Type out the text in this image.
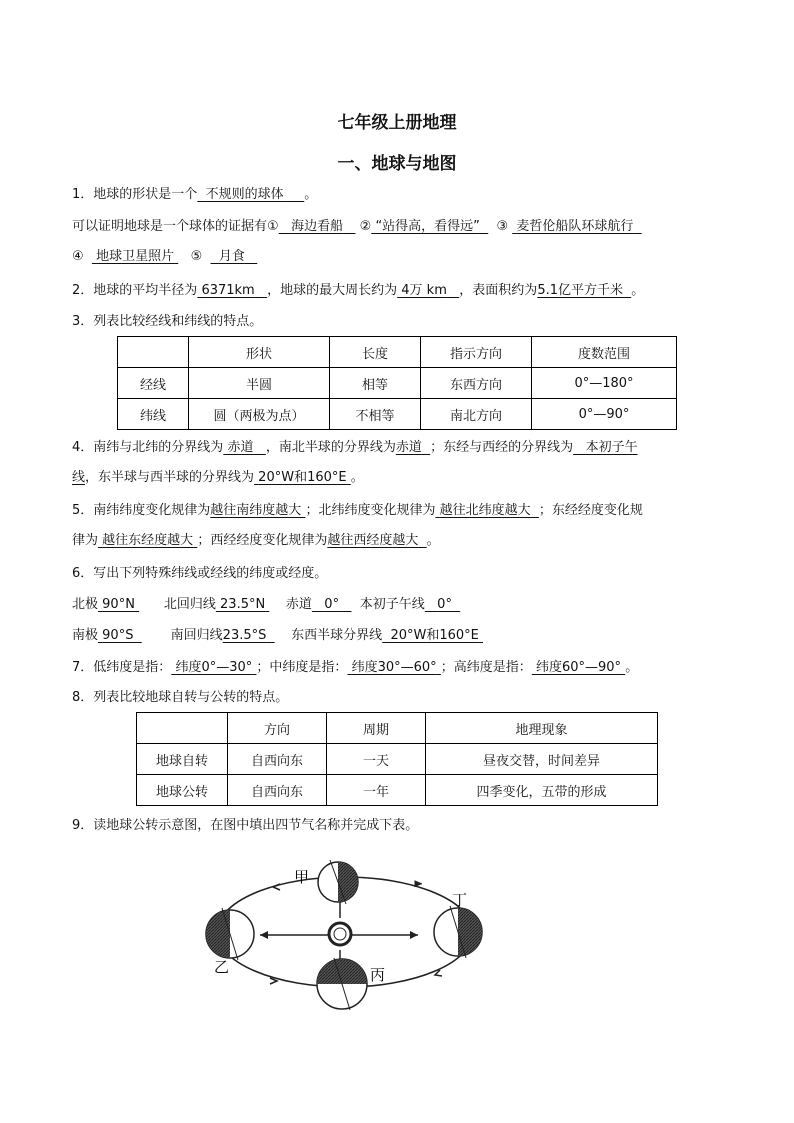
七年级上册地理
一、地球与地图
1．地球的形状是一个 不规则的球体 。
可以证明地球是一个球体的证据有① 海边看船 ② “站得高，看得远” ③ 麦哲伦船队环球航行
④ 地球卫星照片 ⑤ 月食
2．地球的平均半径为 6371km ，地球的最大周长约为 4万 km ，表面积约为5.1亿平方千米 。
3．列表比较经线和纬线的特点。
	形状	长度	指示方向	度数范围
经线	半圆	相等	东西方向	0°—180°
纬线	圆（两极为点）	不相等	南北方向	0°—90°
4．南纬与北纬的分界线为 赤道 ，南北半球的分界线为赤道 ；东经与西经的分界线为 本初子午
线，东半球与西半球的分界线为 20°W和160°E 。
5．南纬纬度变化规律为越往南纬度越大 ；北纬纬度变化规律为 越往北纬度越大 ；东经经度变化规
律为 越往东经度越大 ；西经经度变化规律为越往西经度越大 。
6．写出下列特殊纬线或经线的纬度或经度。
北极 90°N 北回归线 23.5°N 赤道 0° 本初子午线 0°
南极 90°S	南回归线23.5°S 东西半球分界线 20°W和160°E
7．低纬度是指： 纬度0°—30° ；中纬度是指： 纬度30°—60° ；高纬度是指： 纬度60°—90° 。
8．列表比较地球自转与公转的特点。
	方向	周期	地理现象
地球自转	自西向东	一天	昼夜交替，时间差异
地球公转	自西向东	一年	四季变化，五带的形成
9．读地球公转示意图，在图中填出四节气名称并完成下表。
甲
乙	丙
丁
